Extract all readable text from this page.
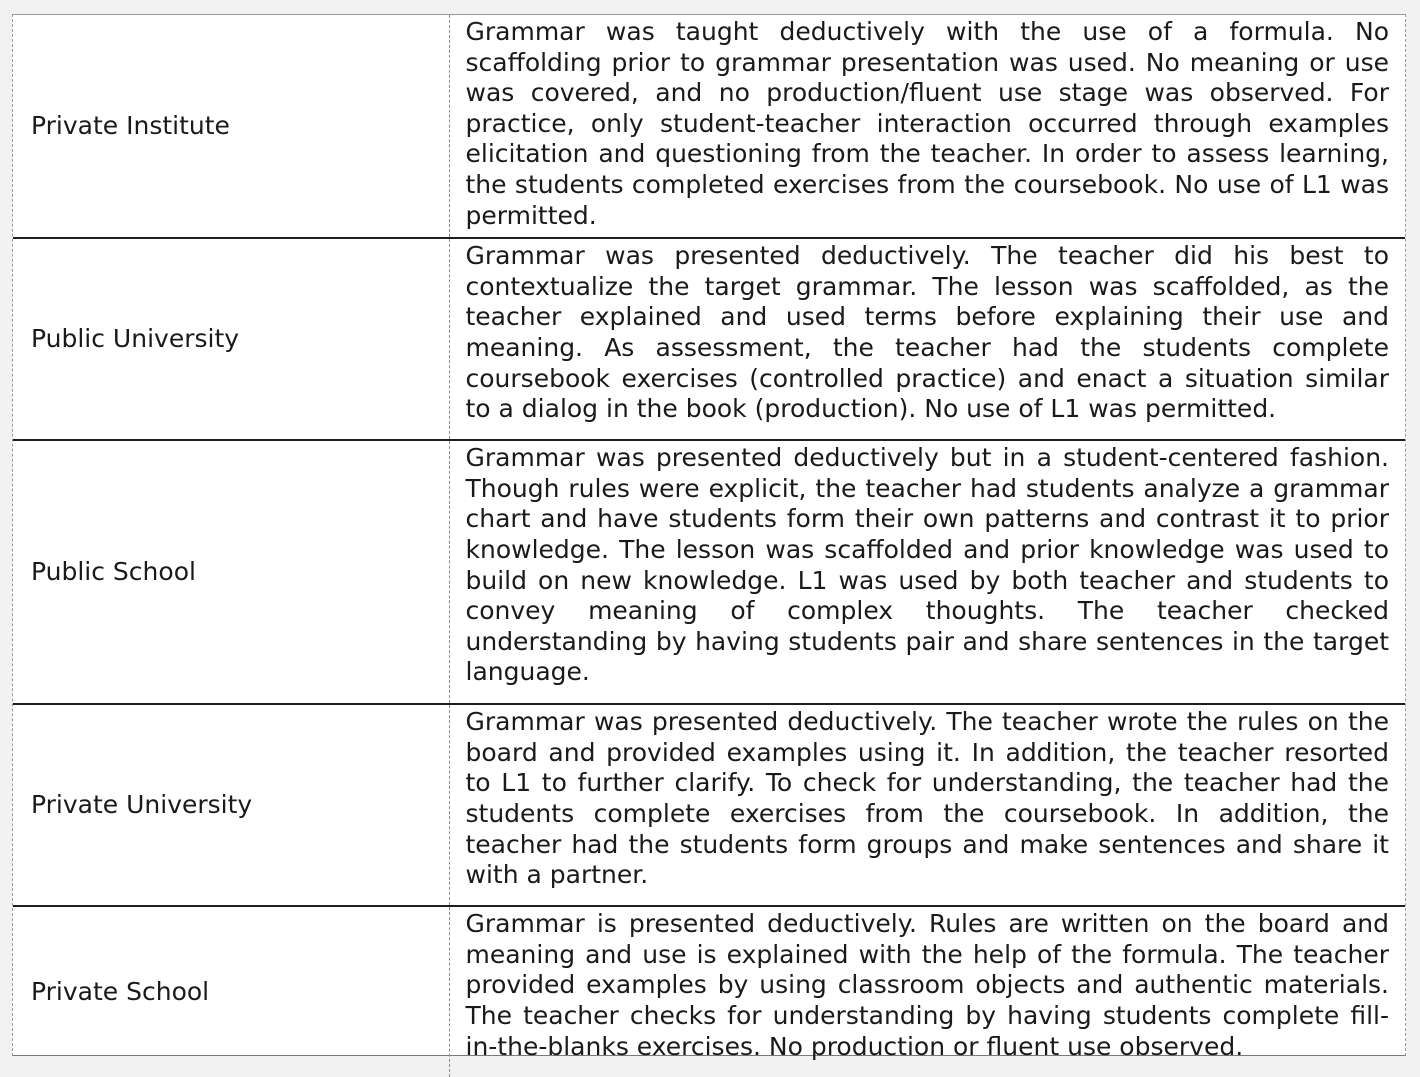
Private Institute	Grammar was taught deductively with the use of a formula. No scaffolding prior to grammar presentation was used. No meaning or use was covered, and no production/fluent use stage was observed. For practice, only student-teacher interaction occurred through examples elicitation and questioning from the teacher. In order to assess learning, the students completed exercises from the coursebook. No use of L1 was permitted.
Public University	Grammar was presented deductively. The teacher did his best to contextualize the target grammar. The lesson was scaffolded, as the teacher explained and used terms before explaining their use and meaning. As assessment, the teacher had the students complete coursebook exercises (controlled practice) and enact a situation similar to a dialog in the book (production). No use of L1 was permitted.
Public School	Grammar was presented deductively but in a student-centered fashion. Though rules were explicit, the teacher had students analyze a grammar chart and have students form their own patterns and contrast it to prior knowledge. The lesson was scaffolded and prior knowledge was used to build on new knowledge. L1 was used by both teacher and students to convey meaning of complex thoughts. The teacher checked understanding by having students pair and share sentences in the target language.
Private University	Grammar was presented deductively. The teacher wrote the rules on the board and provided examples using it. In addition, the teacher resorted to L1 to further clarify. To check for understanding, the teacher had the students complete exercises from the coursebook. In addition, the teacher had the students form groups and make sentences and share it with a partner.
Private School	Grammar is presented deductively. Rules are written on the board and meaning and use is explained with the help of the formula. The teacher provided examples by using classroom objects and authentic materials. The teacher checks for understanding by having students complete fill-in-the-blanks exercises. No production or fluent use observed.
